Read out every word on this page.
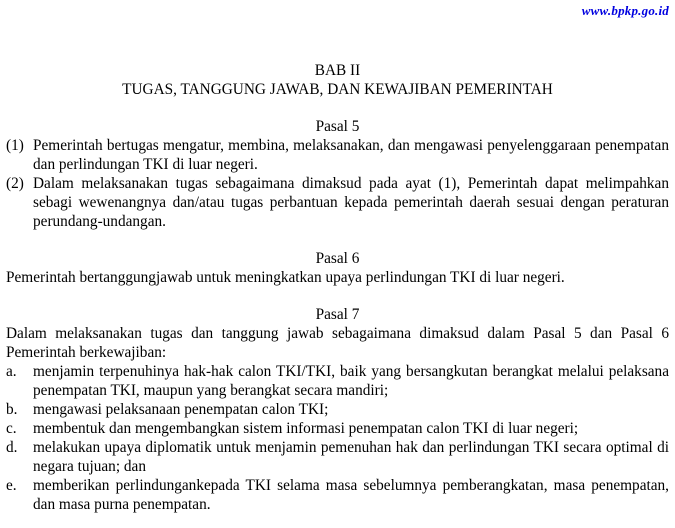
www.bpkp.go.id
BAB II
TUGAS, TANGGUNG JAWAB, DAN KEWAJIBAN PEMERINTAH
Pasal 5
(1) Pemerintah bertugas mengatur, membina, melaksanakan, dan mengawasi penyelenggaraan penempatan dan perlindungan TKI di luar negeri.
(2) Dalam melaksanakan tugas sebagaimana dimaksud pada ayat (1), Pemerintah dapat melimpahkan sebagi wewenangnya dan/atau tugas perbantuan kepada pemerintah daerah sesuai dengan peraturan perundang-undangan.
Pasal 6
Pemerintah bertanggungjawab untuk meningkatkan upaya perlindungan TKI di luar negeri.
Pasal 7
Dalam melaksanakan tugas dan tanggung jawab sebagaimana dimaksud dalam Pasal 5 dan Pasal 6 Pemerintah berkewajiban:
a.	menjamin terpenuhinya hak-hak calon TKI/TKI, baik yang bersangkutan berangkat melalui pelaksana penempatan TKI, maupun yang berangkat secara mandiri;
b.	mengawasi pelaksanaan penempatan calon TKI;
c.	membentuk dan mengembangkan sistem informasi penempatan calon TKI di luar negeri;
d.	melakukan upaya diplomatik untuk menjamin pemenuhan hak dan perlindungan TKI secara optimal di negara tujuan; dan
e.	memberikan perlindungankepada TKI selama masa sebelumnya pemberangkatan, masa penempatan, dan masa purna penempatan.
